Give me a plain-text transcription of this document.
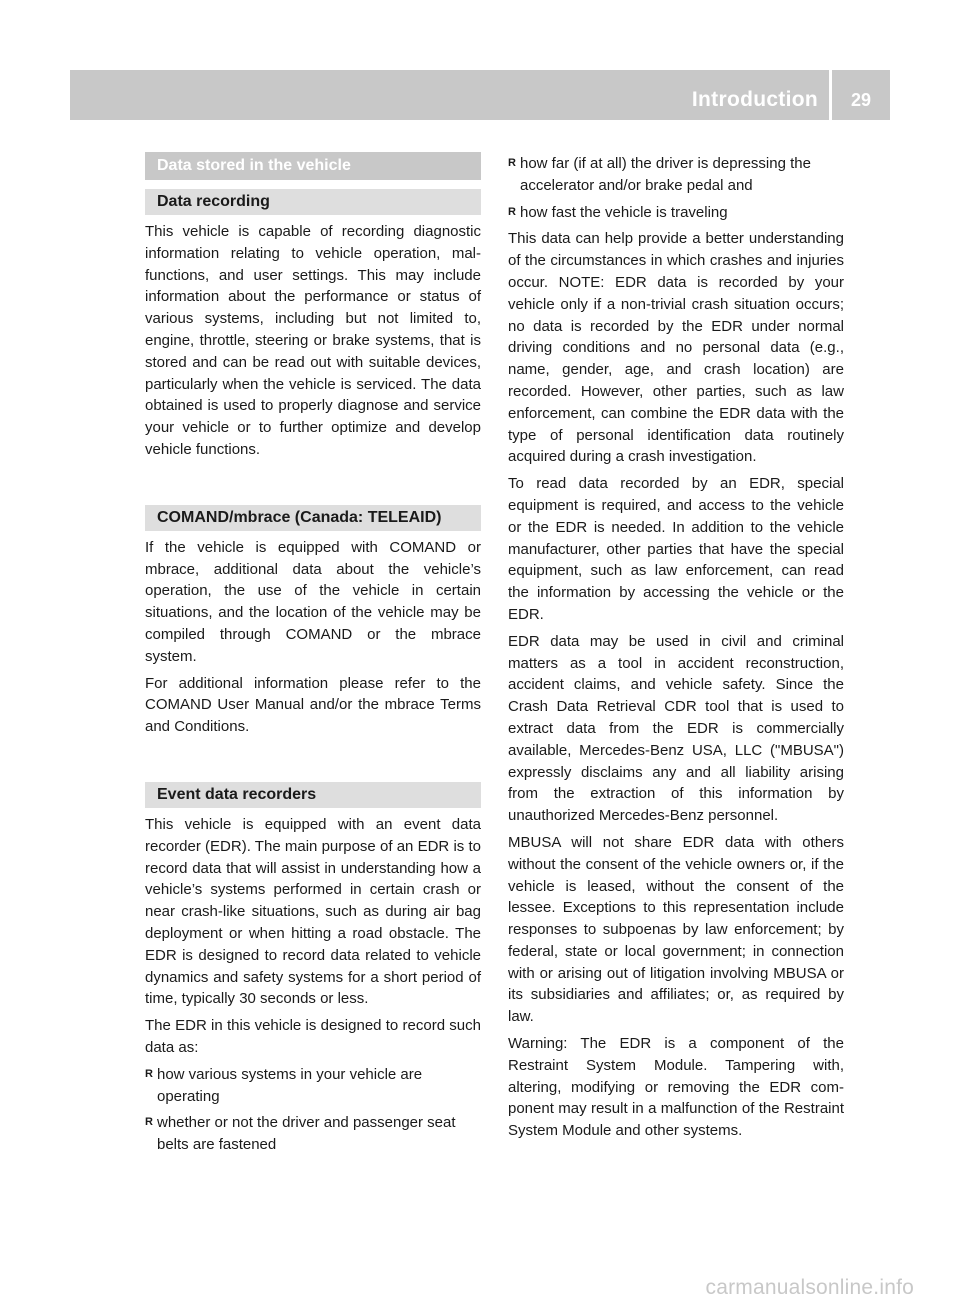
Introduction	29
Data stored in the vehicle
Data recording

This vehicle is capable of recording diagnostic information relating to vehicle operation, malfunctions, and user settings. This may include information about the performance or status of various systems, including but not limited to, engine, throttle, steering or brake systems, that is stored and can be read out with suitable devices, particularly when the vehicle is serviced. The data obtained is used to properly diagnose and service your vehicle or to further optimize and develop vehicle functions.

COMAND/mbrace (Canada: TELEAID)

If the vehicle is equipped with COMAND or mbrace, additional data about the vehicle’s operation, the use of the vehicle in certain situations, and the location of the vehicle may be compiled through COMAND or the mbrace system.

For additional information please refer to the COMAND User Manual and/or the mbrace Terms and Conditions.

Event data recorders

This vehicle is equipped with an event data recorder (EDR). The main purpose of an EDR is to record data that will assist in understanding how a vehicle’s systems performed in certain crash or near crash-like situations, such as during air bag deployment or when hitting a road obstacle. The EDR is designed to record data related to vehicle dynamics and safety systems for a short period of time, typically 30 seconds or less.

The EDR in this vehicle is designed to record such data as:

R how various systems in your vehicle are operating
R whether or not the driver and passenger seat belts are fastened
R how far (if at all) the driver is depressing the accelerator and/or brake pedal and
R how fast the vehicle is traveling

This data can help provide a better understanding of the circumstances in which crashes and injuries occur. NOTE: EDR data is recorded by your vehicle only if a non-trivial crash situation occurs; no data is recorded by the EDR under normal driving conditions and no personal data (e.g., name, gender, age, and crash location) are recorded. However, other parties, such as law enforcement, can combine the EDR data with the type of personal identification data routinely acquired during a crash investigation.

To read data recorded by an EDR, special equipment is required, and access to the vehicle or the EDR is needed. In addition to the vehicle manufacturer, other parties that have the special equipment, such as law enforcement, can read the information by accessing the vehicle or the EDR.

EDR data may be used in civil and criminal matters as a tool in accident reconstruction, accident claims, and vehicle safety. Since the Crash Data Retrieval CDR tool that is used to extract data from the EDR is commercially available, Mercedes-Benz USA, LLC ("MBUSA") expressly disclaims any and all liability arising from the extraction of this information by unauthorized Mercedes-Benz personnel.

MBUSA will not share EDR data with others without the consent of the vehicle owners or, if the vehicle is leased, without the consent of the lessee. Exceptions to this representation include responses to subpoenas by law enforcement; by federal, state or local government; in connection with or arising out of litigation involving MBUSA or its subsidiaries and affiliates; or, as required by law.

Warning: The EDR is a component of the Restraint System Module. Tampering with, altering, modifying or removing the EDR component may result in a malfunction of the Restraint System Module and other systems.

carmanualsonline.info
